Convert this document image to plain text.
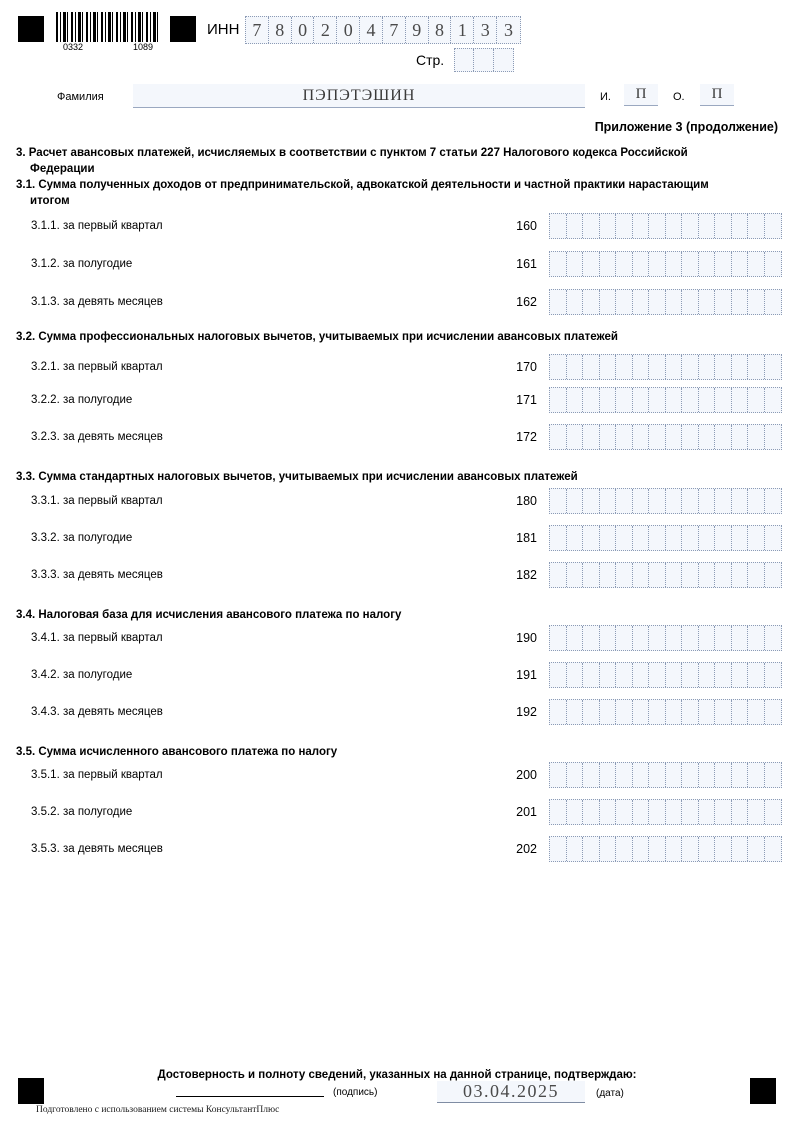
0332	1089
ИНН 7 8 0 2 0 4 7 9 8 1 3 3
Стр.
Фамилия	ПЭПЭТЭШИН	И.	П	О.	П
Приложение 3 (продолжение)
3. Расчет авансовых платежей, исчисляемых в соответствии с пунктом 7 статьи 227 Налогового кодекса Российской
Федерации
3.1. Сумма полученных доходов от предпринимательской, адвокатской деятельности и частной практики нарастающим
итогом
3.1.1. за первый квартал	160
3.1.2. за полугодие	161
3.1.3. за девять месяцев	162
3.2. Сумма профессиональных налоговых вычетов, учитываемых при исчислении авансовых платежей
3.2.1. за первый квартал	170
3.2.2. за полугодие	171
3.2.3. за девять месяцев	172
3.3. Сумма стандартных налоговых вычетов, учитываемых при исчислении авансовых платежей
3.3.1. за первый квартал	180
3.3.2. за полугодие	181
3.3.3. за девять месяцев	182
3.4. Налоговая база для исчисления авансового платежа по налогу
3.4.1. за первый квартал	190
3.4.2. за полугодие	191
3.4.3. за девять месяцев	192
3.5. Сумма исчисленного авансового платежа по налогу
3.5.1. за первый квартал	200
3.5.2. за полугодие	201
3.5.3. за девять месяцев	202
Достоверность и полноту сведений, указанных на данной странице, подтверждаю:
(подпись)	03.04.2025	(дата)
Подготовлено с использованием системы КонсультантПлюс
